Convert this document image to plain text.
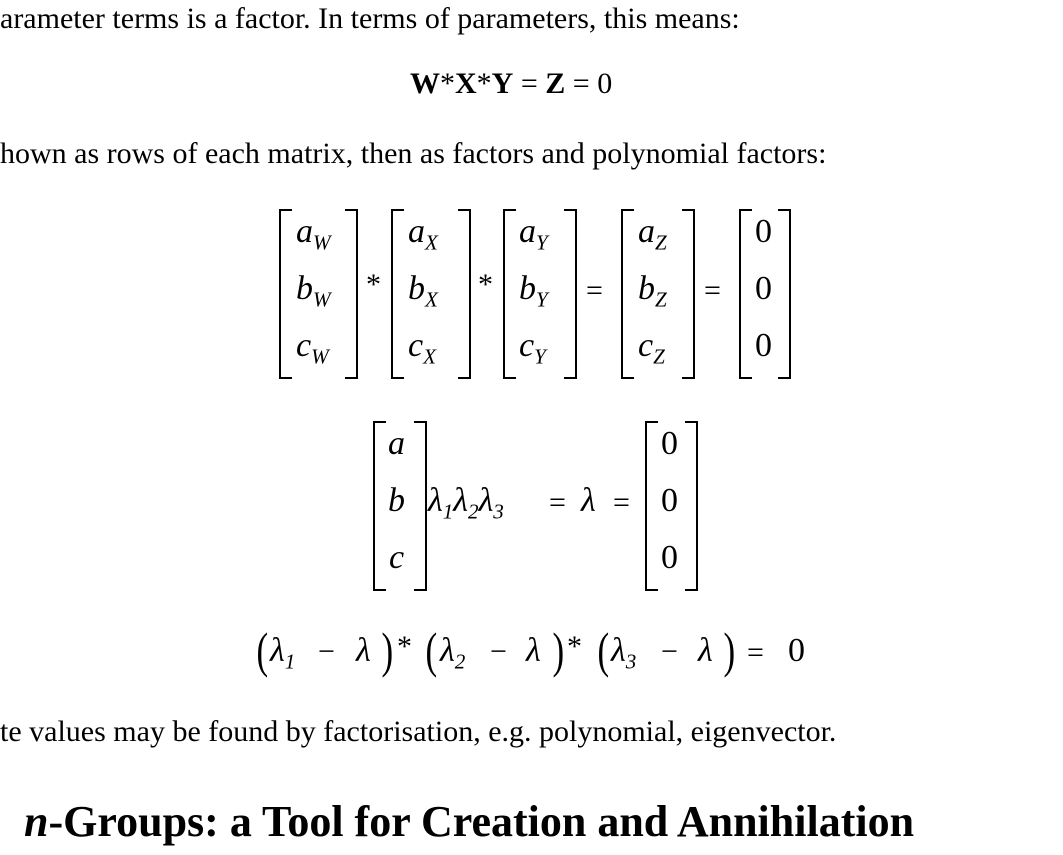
arameter terms is a factor. In terms of parameters, this means:
W*X*Y = Z = 0
hown as rows of each matrix, then as factors and polynomial factors:
$a_W$
$b_W$
$c_W$
*
$a_X$
$b_X$
$c_X$
*
$a_Y$
$b_Y$
$c_Y$
=
$a_Z$
$b_Z$
$c_Z$
=
0
0
0
a
b
c
$\lambda_1\lambda_2\lambda_3 = \lambda$ =
0
0
0
( $\lambda_1 - \lambda$ ) * ( $\lambda_2 - \lambda$ ) * ( $\lambda_3 - \lambda$ ) = 0
te values may be found by factorisation, e.g. polynomial, eigenvector.
n-Groups: a Tool for Creation and Annihilation
